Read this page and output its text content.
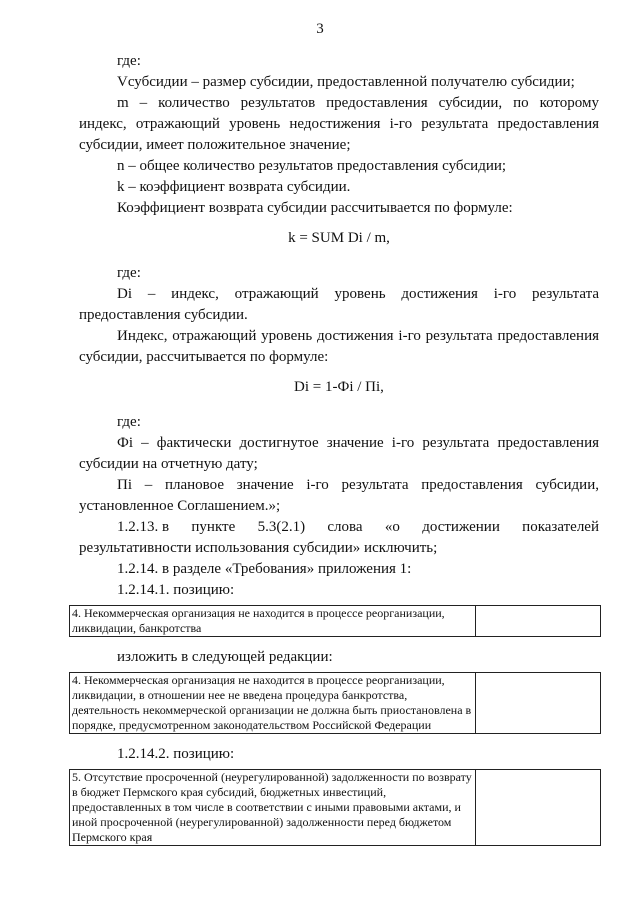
3

где:

Vсубсидии – размер субсидии, предоставленной получателю субсидии;

m – количество результатов предоставления субсидии, по которому индекс, отражающий уровень недостижения i-го результата предоставления субсидии, имеет положительное значение;

n – общее количество результатов предоставления субсидии;

k – коэффициент возврата субсидии.

Коэффициент возврата субсидии рассчитывается по формуле:

k = SUM Di / m,

где:

Di – индекс, отражающий уровень достижения i-го результата предоставления субсидии.

Индекс, отражающий уровень достижения i-го результата предоставления субсидии, рассчитывается по формуле:

Di = 1-Фi / Пi,

где:

Фi – фактически достигнутое значение i-го результата предоставления субсидии на отчетную дату;

Пi – плановое значение i-го результата предоставления субсидии, установленное Соглашением.»;

1.2.13. в пункте 5.3(2.1) слова «о достижении показателей

результативности использования субсидии» исключить;

1.2.14. в разделе «Требования» приложения 1:

1.2.14.1. позицию:

4. Некоммерческая организация не находится в процессе реорганизации, ликвидации, банкротства	

изложить в следующей редакции:

4. Некоммерческая организация не находится в процессе реорганизации, ликвидации, в отношении нее не введена процедура банкротства, деятельность некоммерческой организации не должна быть приостановлена в порядке, предусмотренном законодательством Российской Федерации	

1.2.14.2. позицию:

5. Отсутствие просроченной (неурегулированной) задолженности по возврату в бюджет Пермского края субсидий, бюджетных инвестиций, предоставленных в том числе в соответствии с иными правовыми актами, и иной просроченной (неурегулированной) задолженности перед бюджетом Пермского края	
